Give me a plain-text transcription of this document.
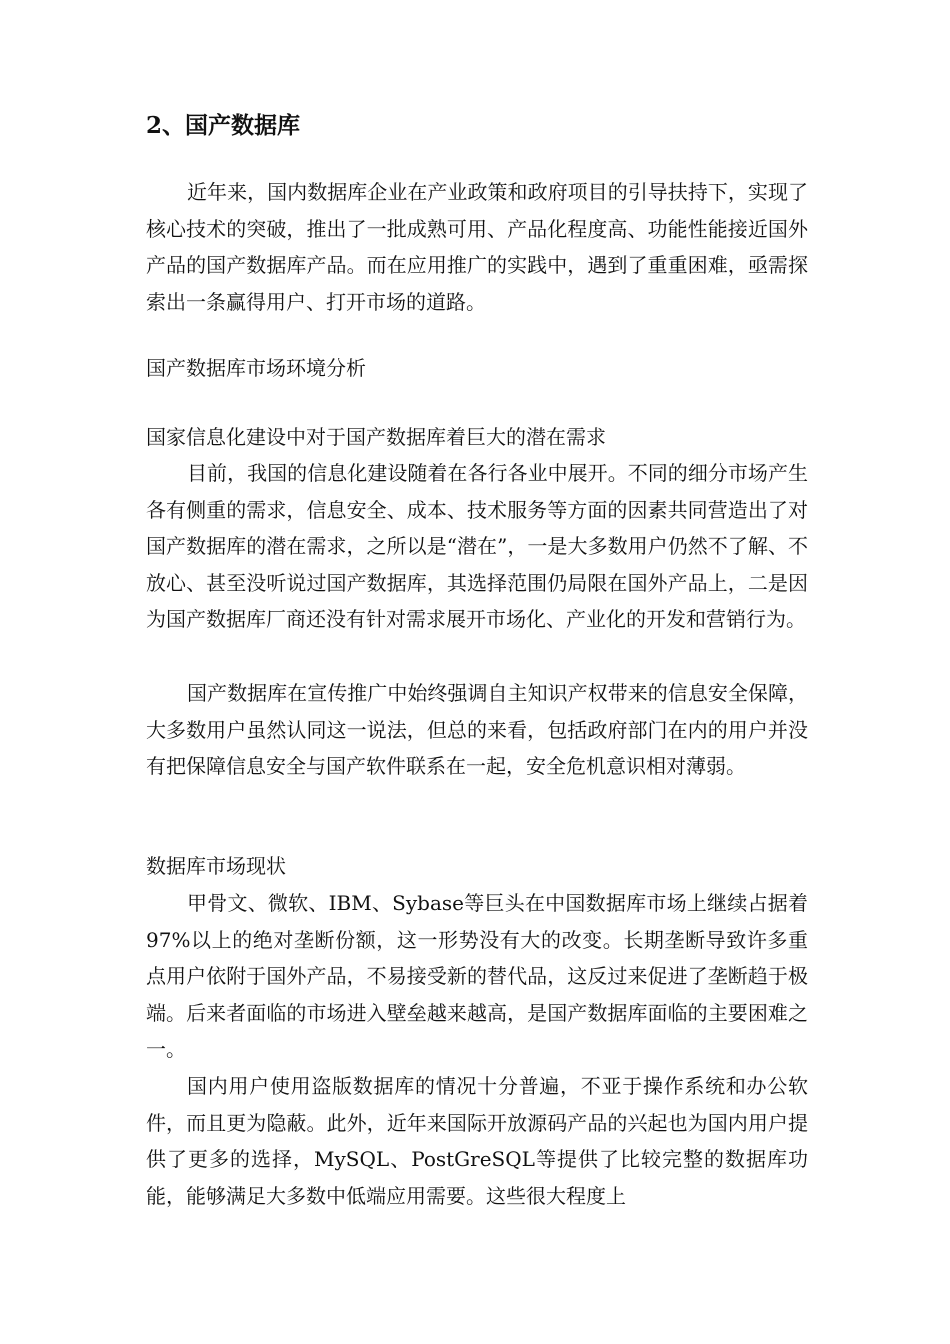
2、国产数据库

近年来，国内数据库企业在产业政策和政府项目的引导扶持下，实现了核心技术的突破，推出了一批成熟可用、产品化程度高、功能性能接近国外产品的国产数据库产品。而在应用推广的实践中，遇到了重重困难，亟需探索出一条赢得用户、打开市场的道路。

国产数据库市场环境分析

国家信息化建设中对于国产数据库着巨大的潜在需求

目前，我国的信息化建设随着在各行各业中展开。不同的细分市场产生各有侧重的需求，信息安全、成本、技术服务等方面的因素共同营造出了对国产数据库的潜在需求，之所以是“潜在”，一是大多数用户仍然不了解、不放心、甚至没听说过国产数据库，其选择范围仍局限在国外产品上，二是因为国产数据库厂商还没有针对需求展开市场化、产业化的开发和营销行为。

国产数据库在宣传推广中始终强调自主知识产权带来的信息安全保障，大多数用户虽然认同这一说法，但总的来看，包括政府部门在内的用户并没有把保障信息安全与国产软件联系在一起，安全危机意识相对薄弱。

数据库市场现状

甲骨文、微软、IBM、Sybase等巨头在中国数据库市场上继续占据着97%以上的绝对垄断份额，这一形势没有大的改变。长期垄断导致许多重点用户依附于国外产品，不易接受新的替代品，这反过来促进了垄断趋于极端。后来者面临的市场进入壁垒越来越高，是国产数据库面临的主要困难之一。

国内用户使用盗版数据库的情况十分普遍，不亚于操作系统和办公软件，而且更为隐蔽。此外，近年来国际开放源码产品的兴起也为国内用户提供了更多的选择，MySQL、PostGreSQL等提供了比较完整的数据库功能，能够满足大多数中低端应用需要。这些很大程度上
